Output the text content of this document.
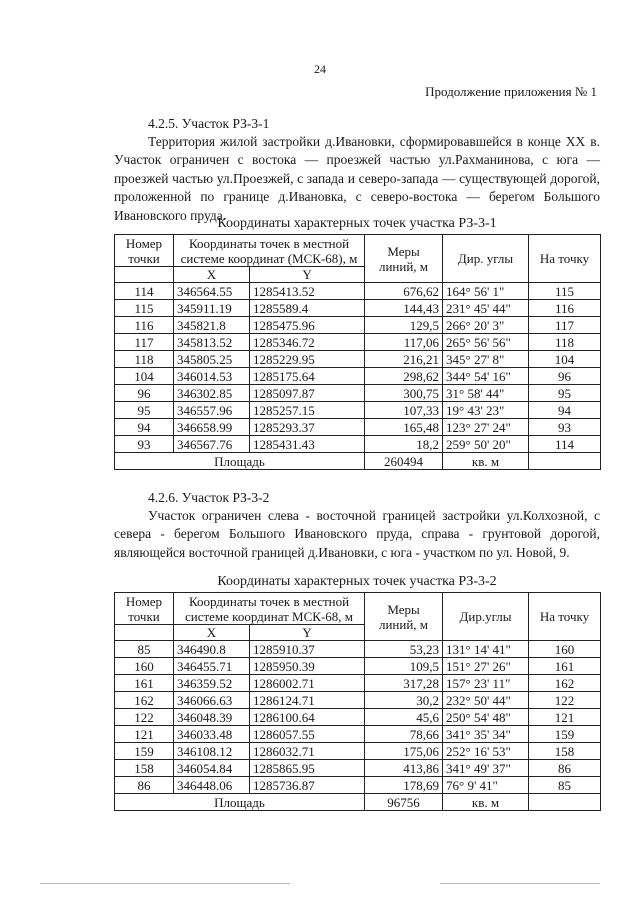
24
Продолжение приложения № 1
4.2.5. Участок РЗ-3-1
Территория жилой застройки д.Ивановки, сформировавшейся в конце XX в. Участок ограничен с востока — проезжей частью ул.Рахманинова, с юга — проезжей частью ул.Проезжей, с запада и северо-запада — существующей дорогой, проложенной по границе д.Ивановка, с северо-востока — берегом Большого Ивановского пруда.
Координаты характерных точек участка РЗ-3-1
Номер точки	Координаты точек в местной системе координат (МСК-68), м		Меры линий, м	Дир. углы	На точку

	X	Y			
114	346564.55	1285413.52	676,62	164° 56' 1"	115
115	345911.19	1285589.4	144,43	231° 45' 44"	116
116	345821.8	1285475.96	129,5	266° 20' 3"	117
117	345813.52	1285346.72	117,06	265° 56' 56"	118
118	345805.25	1285229.95	216,21	345° 27' 8"	104
104	346014.53	1285175.64	298,62	344° 54' 16"	96
96	346302.85	1285097.87	300,75	31° 58' 44"	95
95	346557.96	1285257.15	107,33	19° 43' 23"	94
94	346658.99	1285293.37	165,48	123° 27' 24"	93
93	346567.76	1285431.43	18,2	259° 50' 20"	114
Площадь			260494	кв. м	
4.2.6. Участок РЗ-3-2
Участок ограничен слева - восточной границей застройки ул.Колхозной, с севера - берегом Большого Ивановского пруда, справа - грунтовой дорогой, являющейся восточной границей д.Ивановки, с юга - участком по ул. Новой, 9.
Координаты характерных точек участка РЗ-3-2
Номер точки	Координаты точек в местной системе координат МСК-68, м		Меры линий, м	Дир.углы	На точку

	X	Y			
85	346490.8	1285910.37	53,23	131° 14' 41"	160
160	346455.71	1285950.39	109,5	151° 27' 26"	161
161	346359.52	1286002.71	317,28	157° 23' 11"	162
162	346066.63	1286124.71	30,2	232° 50' 44"	122
122	346048.39	1286100.64	45,6	250° 54' 48"	121
121	346033.48	1286057.55	78,66	341° 35' 34"	159
159	346108.12	1286032.71	175,06	252° 16' 53"	158
158	346054.84	1285865.95	413,86	341° 49' 37"	86
86	346448.06	1285736.87	178,69	76° 9' 41"	85
Площадь			96756	кв. м	
